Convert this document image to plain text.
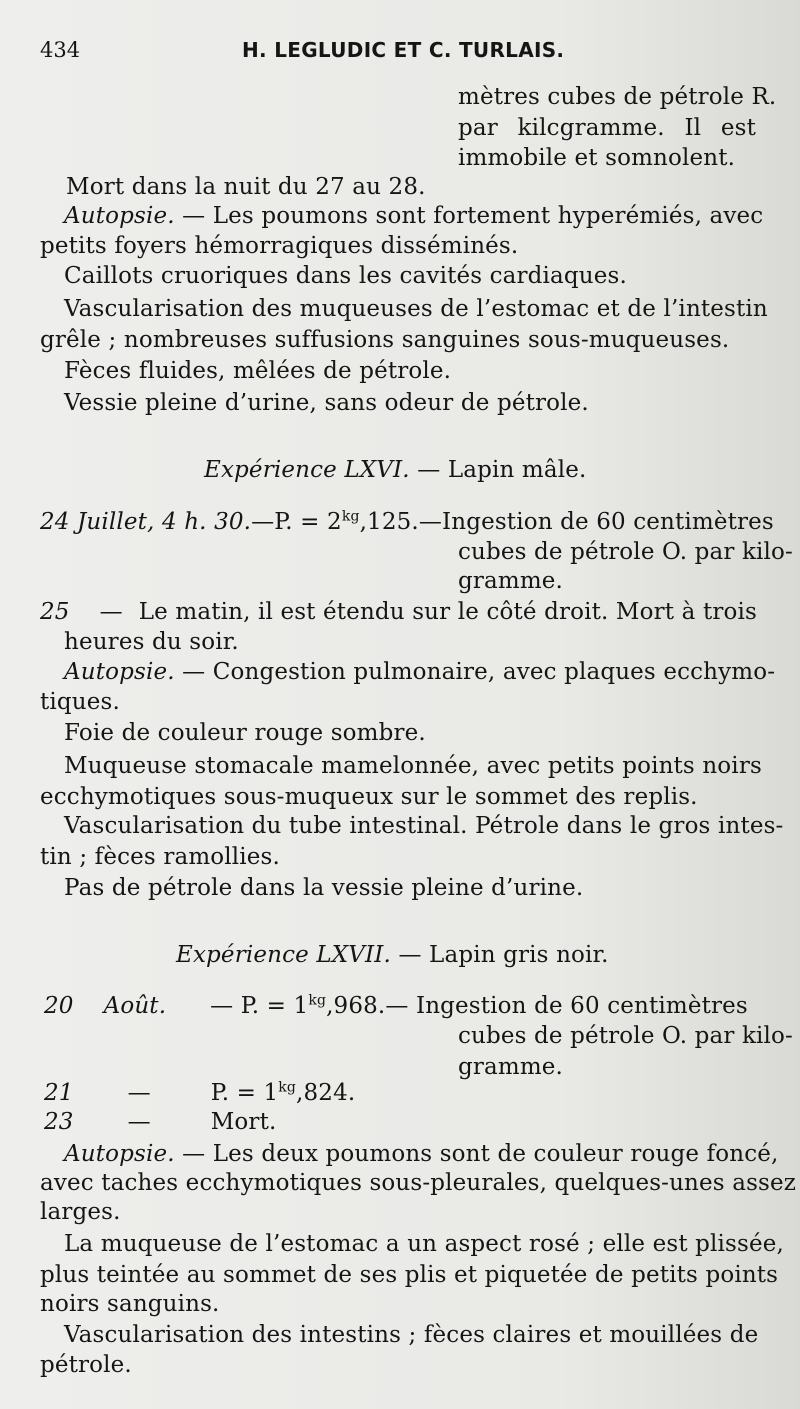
434	H. LEGLUDIC ET C. TURLAIS.
mètres cubes de pétrole R.
par kilcgramme. Il est
immobile et somnolent.
Mort dans la nuit du 27 au 28.
Autopsie. — Les poumons sont fortement hyperémiés, avec
petits foyers hémorragiques disséminés.
Caillots cruoriques dans les cavités cardiaques.
Vascularisation des muqueuses de l’estomac et de l’intestin
grêle ; nombreuses suffusions sanguines sous-muqueuses.
Fèces fluides, mêlées de pétrole.
Vessie pleine d’urine, sans odeur de pétrole.
Expérience LXVI. — Lapin mâle.
24 Juillet, 4 h. 30.—P. = $2^{kg},125.—Ingestion$ de 60 centimètres
cubes de pétrole O. par kilo-
gramme.
25 — Le matin, il est étendu sur le côté droit. Mort à trois
heures du soir.
Autopsie. — Congestion pulmonaire, avec plaques ecchymo-
tiques.
Foie de couleur rouge sombre.
Muqueuse stomacale mamelonnée, avec petits points noirs
ecchymotiques sous-muqueux sur le sommet des replis.
Vascularisation du tube intestinal. Pétrole dans le gros intes-
tin ; fèces ramollies.
Pas de pétrole dans la vessie pleine d’urine.
Expérience LXVII. — Lapin gris noir.
20 Août. — P. = $1^{kg},968.—$ Ingestion de 60 centimètres
cubes de pétrole O. par kilo-
gramme.
21 —	P. = $1^{kg},824$.
23 —	Mort.
Autopsie. — Les deux poumons sont de couleur rouge foncé,
avec taches ecchymotiques sous-pleurales, quelques-unes assez
larges.
La muqueuse de l’estomac a un aspect rosé ; elle est plissée,
plus teintée au sommet de ses plis et piquetée de petits points
noirs sanguins.
Vascularisation des intestins ; fèces claires et mouillées de
pétrole.
